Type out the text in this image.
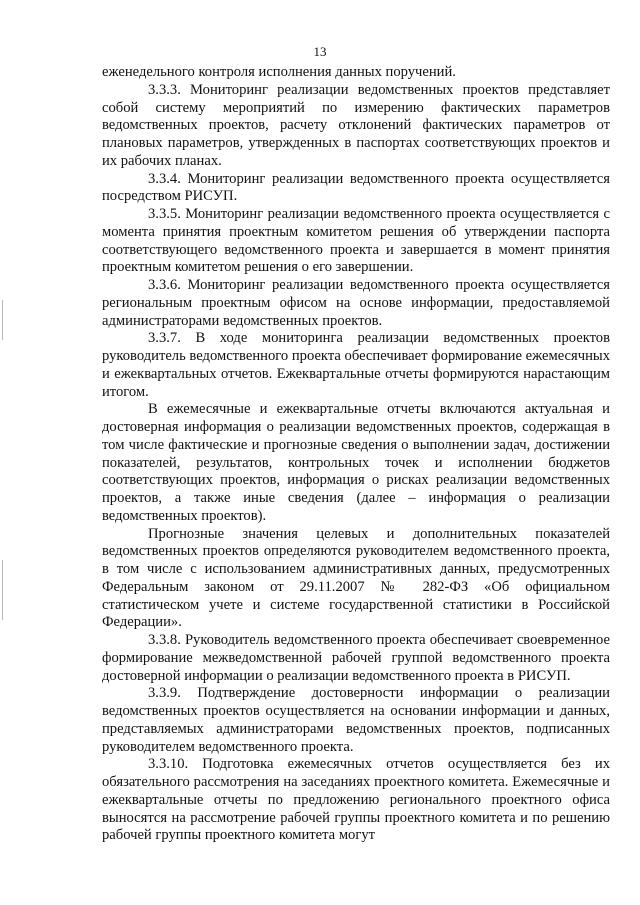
13

еженедельного контроля исполнения данных поручений.

3.3.3. Мониторинг реализации ведомственных проектов представляет собой систему мероприятий по измерению фактических параметров ведомственных проектов, расчету отклонений фактических параметров от плановых параметров, утвержденных в паспортах соответствующих проектов и их рабочих планах.

3.3.4. Мониторинг реализации ведомственного проекта осуществляется посредством РИСУП.

3.3.5. Мониторинг реализации ведомственного проекта осуществляется с момента принятия проектным комитетом решения об утверждении паспорта соответствующего ведомственного проекта и завершается в момент принятия проектным комитетом решения о его завершении.

3.3.6. Мониторинг реализации ведомственного проекта осуществляется региональным проектным офисом на основе информации, предоставляемой администраторами ведомственных проектов.

3.3.7. В ходе мониторинга реализации ведомственных проектов руководитель ведомственного проекта обеспечивает формирование ежемесячных и ежеквартальных отчетов. Ежеквартальные отчеты формируются нарастающим итогом.

В ежемесячные и ежеквартальные отчеты включаются актуальная и достоверная информация о реализации ведомственных проектов, содержащая в том числе фактические и прогнозные сведения о выполнении задач, достижении показателей, результатов, контрольных точек и исполнении бюджетов соответствующих проектов, информация о рисках реализации ведомственных проектов, а также иные сведения (далее – информация о реализации ведомственных проектов).

Прогнозные значения целевых и дополнительных показателей ведомственных проектов определяются руководителем ведомственного проекта, в том числе с использованием административных данных, предусмотренных Федеральным законом от 29.11.2007 № 282-ФЗ «Об официальном статистическом учете и системе государственной статистики в Российской Федерации».

3.3.8. Руководитель ведомственного проекта обеспечивает своевременное формирование межведомственной рабочей группой ведомственного проекта достоверной информации о реализации ведомственного проекта в РИСУП.

3.3.9. Подтверждение достоверности информации о реализации ведомственных проектов осуществляется на основании информации и данных, представляемых администраторами ведомственных проектов, подписанных руководителем ведомственного проекта.

3.3.10. Подготовка ежемесячных отчетов осуществляется без их обязательного рассмотрения на заседаниях проектного комитета. Ежемесячные и ежеквартальные отчеты по предложению регионального проектного офиса выносятся на рассмотрение рабочей группы проектного комитета и по решению рабочей группы проектного комитета могут
